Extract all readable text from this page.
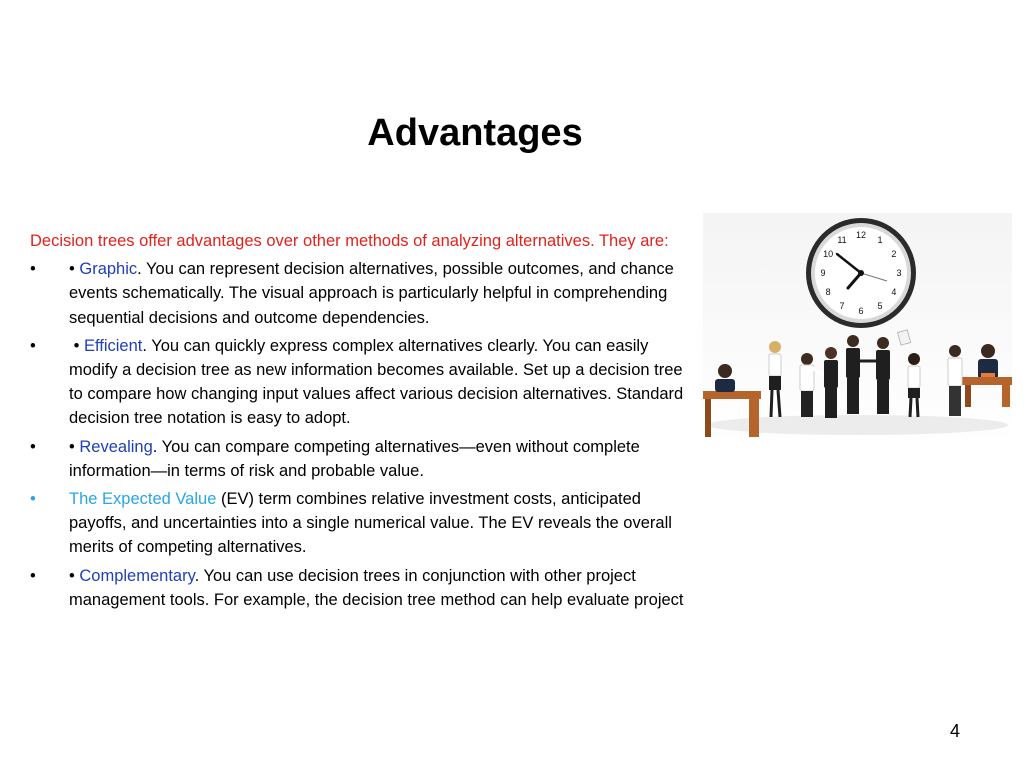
Advantages

Decision trees offer advantages over other methods of analyzing alternatives. They are:

• • Graphic. You can represent decision alternatives, possible outcomes, and chance events schematically. The visual approach is particularly helpful in comprehending sequential decisions and outcome dependencies.
• • Efficient. You can quickly express complex alternatives clearly. You can easily modify a decision tree as new information becomes available. Set up a decision tree to compare how changing input values affect various decision alternatives. Standard decision tree notation is easy to adopt.
• • Revealing. You can compare competing alternatives—even without complete information—in terms of risk and probable value.
• The Expected Value (EV) term combines relative investment costs, anticipated payoffs, and uncertainties into a single numerical value. The EV reveals the overall merits of competing alternatives.
• • Complementary. You can use decision trees in conjunction with other project management tools. For example, the decision tree method can help evaluate project
12
1
2
3
4
5
6
7
8
9
10
11
4
